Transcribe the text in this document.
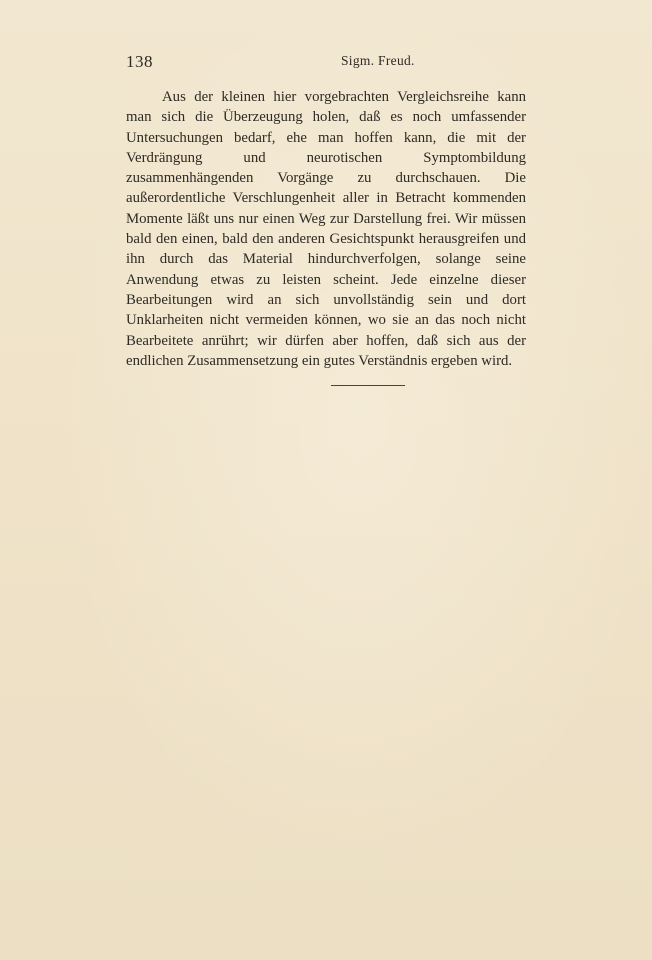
138	Sigm. Freud.

Aus der kleinen hier vorgebrachten Vergleichsreihe kann man sich die Überzeugung holen, daß es noch umfassender Untersuchungen bedarf, ehe man hoffen kann, die mit der Verdrängung und neurotischen Symptombildung zusammenhängenden Vorgänge zu durchschauen. Die außerordentliche Verschlungenheit aller in Betracht kommenden Momente läßt uns nur einen Weg zur Darstellung frei. Wir müssen bald den einen, bald den anderen Gesichtspunkt herausgreifen und ihn durch das Material hindurchverfolgen, solange seine Anwendung etwas zu leisten scheint. Jede einzelne dieser Bearbeitungen wird an sich unvollständig sein und dort Unklarheiten nicht vermeiden können, wo sie an das noch nicht Bearbeitete anrührt; wir dürfen aber hoffen, daß sich aus der endlichen Zusammensetzung ein gutes Verständnis ergeben wird.
